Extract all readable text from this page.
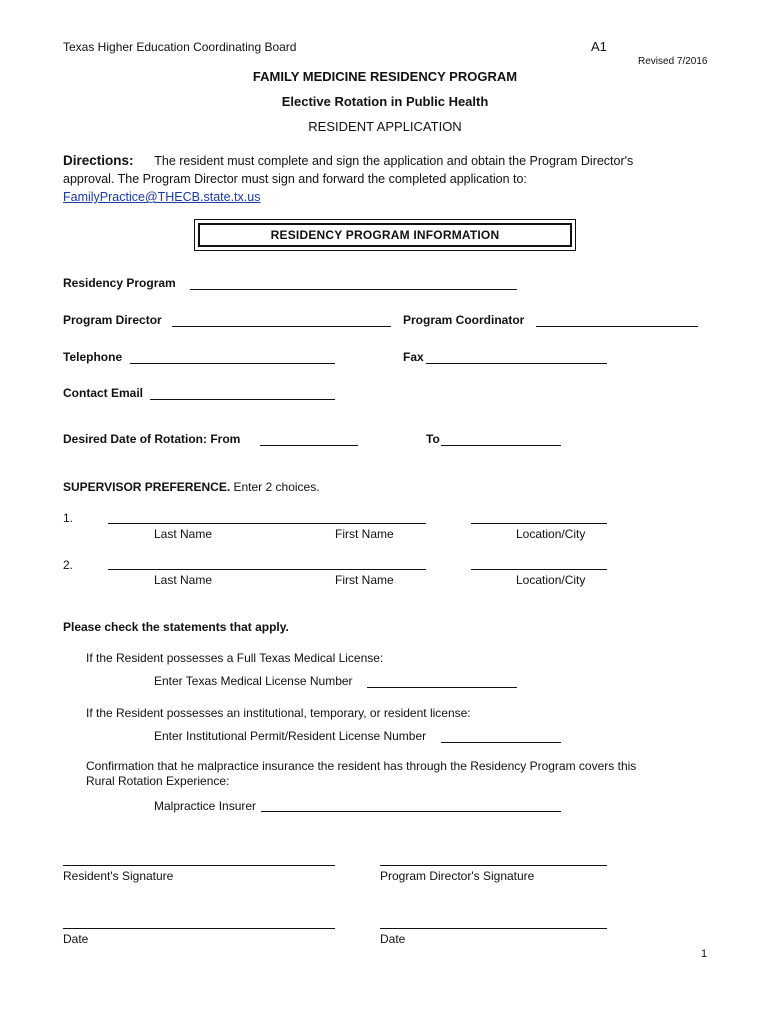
Texas Higher Education Coordinating Board	A1
Revised 7/2016
FAMILY MEDICINE RESIDENCY PROGRAM
Elective Rotation in Public Health
RESIDENT APPLICATION
Directions: The resident must complete and sign the application and obtain the Program Director's
approval. The Program Director must sign and forward the completed application to:
FamilyPractice@THECB.state.tx.us
RESIDENCY PROGRAM INFORMATION
Residency Program
Program Director	Program Coordinator
Telephone	Fax
Contact Email
Desired Date of Rotation: From	To
SUPERVISOR PREFERENCE. Enter 2 choices.
1.
Last Name	First Name	Location/City
2.
Last Name	First Name	Location/City
Please check the statements that apply.
If the Resident possesses a Full Texas Medical License:
Enter Texas Medical License Number
If the Resident possesses an institutional, temporary, or resident license:
Enter Institutional Permit/Resident License Number
Confirmation that he malpractice insurance the resident has through the Residency Program covers this
Rural Rotation Experience:
Malpractice Insurer
Resident's Signature	Program Director's Signature
Date	Date
1
